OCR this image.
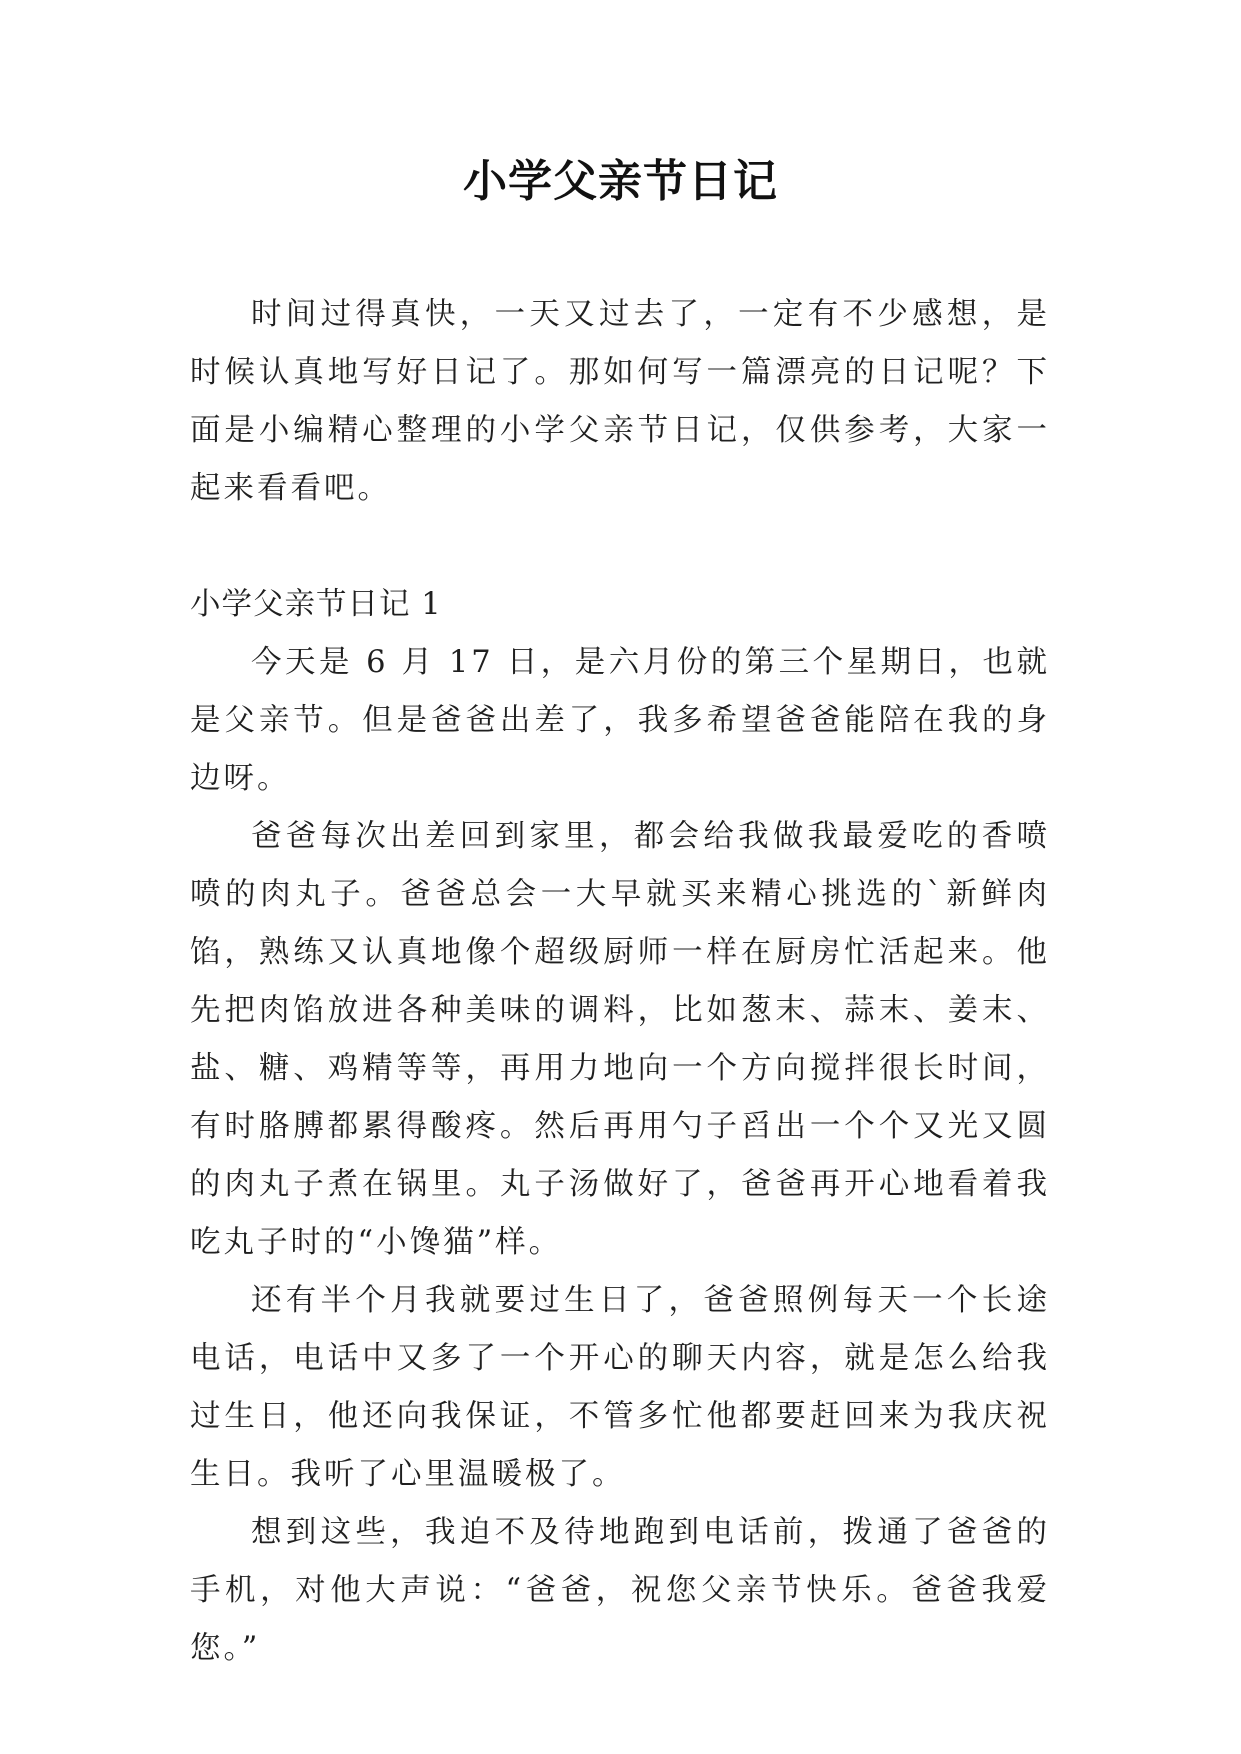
小学父亲节日记

时间过得真快，一天又过去了，一定有不少感想，是时候认真地写好日记了。那如何写一篇漂亮的日记呢？下面是小编精心整理的小学父亲节日记，仅供参考，大家一起来看看吧。

小学父亲节日记 1

今天是 6 月 17 日，是六月份的第三个星期日，也就是父亲节。但是爸爸出差了，我多希望爸爸能陪在我的身边呀。

爸爸每次出差回到家里，都会给我做我最爱吃的香喷喷的肉丸子。爸爸总会一大早就买来精心挑选的`新鲜肉馅，熟练又认真地像个超级厨师一样在厨房忙活起来。他先把肉馅放进各种美味的调料，比如葱末、蒜末、姜末、盐、糖、鸡精等等，再用力地向一个方向搅拌很长时间，有时胳膊都累得酸疼。然后再用勺子舀出一个个又光又圆的肉丸子煮在锅里。丸子汤做好了，爸爸再开心地看着我吃丸子时的“小馋猫”样。

还有半个月我就要过生日了，爸爸照例每天一个长途电话，电话中又多了一个开心的聊天内容，就是怎么给我过生日，他还向我保证，不管多忙他都要赶回来为我庆祝生日。我听了心里温暖极了。

想到这些，我迫不及待地跑到电话前，拨通了爸爸的手机，对他大声说：“爸爸，祝您父亲节快乐。爸爸我爱您。”
